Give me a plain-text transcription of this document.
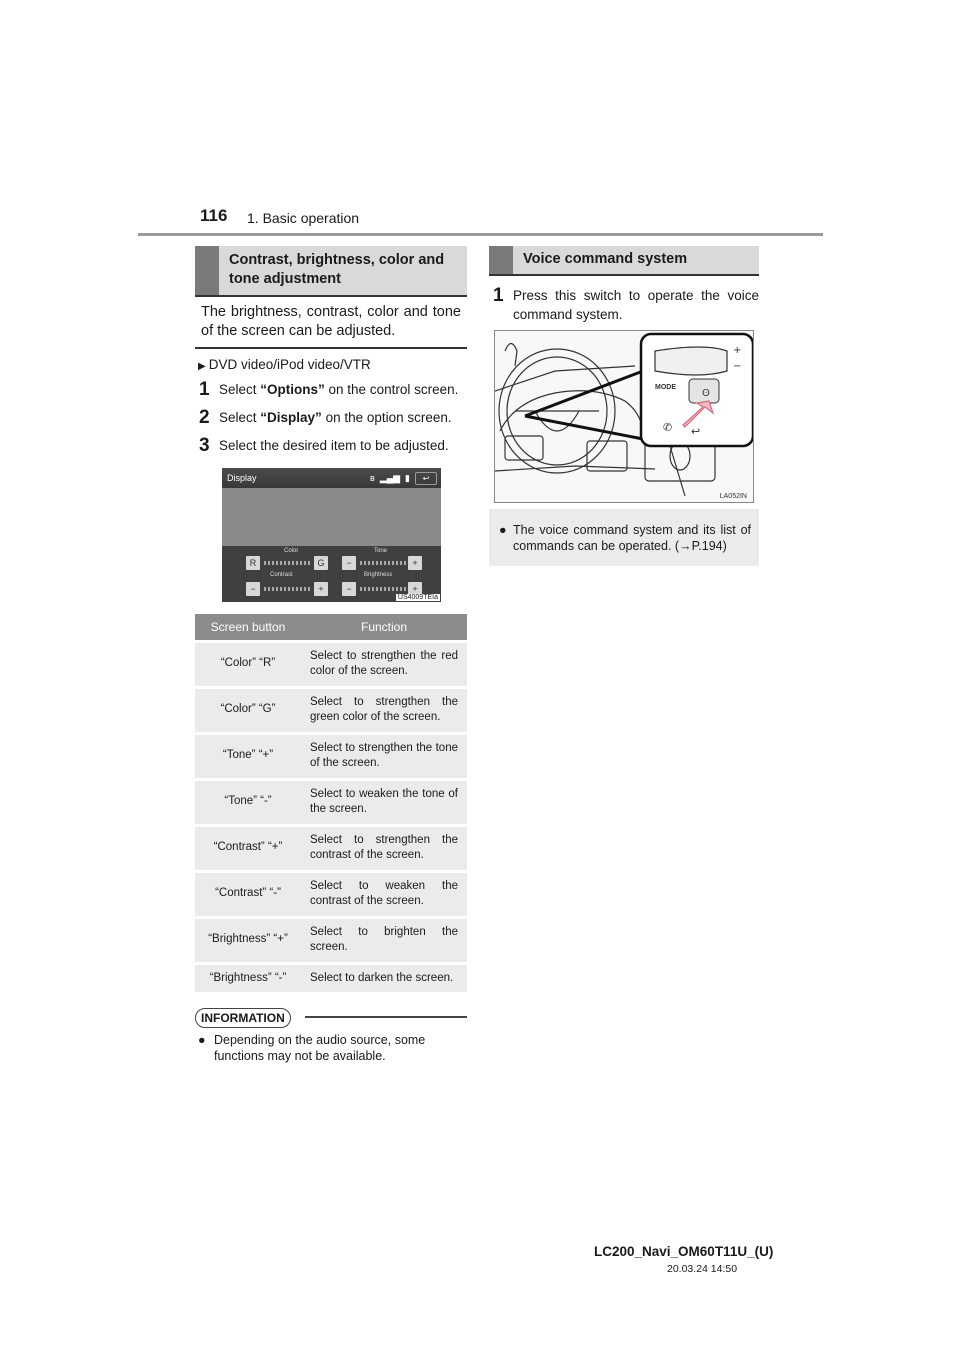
116 1. Basic operation
Contrast, brightness, color and tone adjustment
The brightness, contrast, color and tone of the screen can be adjusted.
▶ DVD video/iPod video/VTR
1 Select “Options” on the control screen.
2 Select “Display” on the option screen.
3 Select the desired item to be adjusted.
Display	ʙ ▂▄▆ ▮	↩
Color	Tone
Contrast	Brightness
R	G	−	+
−	+	−	+
US4009TEIa
Screen button	Function
“Color” “R”	Select to strengthen the red color of the screen.
“Color” “G”	Select to strengthen the green color of the screen.
“Tone” “+”	Select to strengthen the tone of the screen.
“Tone” “-”	Select to weaken the tone of the screen.
“Contrast” “+”	Select to strengthen the contrast of the screen.
“Contrast” “-”	Select to weaken the contrast of the screen.
“Brightness” “+”	Select to brighten the screen.
“Brightness” “-”	Select to darken the screen.
INFORMATION
● Depending on the audio source, some functions may not be available.
Voice command system
1 Press this switch to operate the voice command system.
MODE
ʘ
+
−
✆ ↩
LA052IN
● The voice command system and its list of commands can be operated. (→P.194)
LC200_Navi_OM60T11U_(U)
20.03.24 14:50
